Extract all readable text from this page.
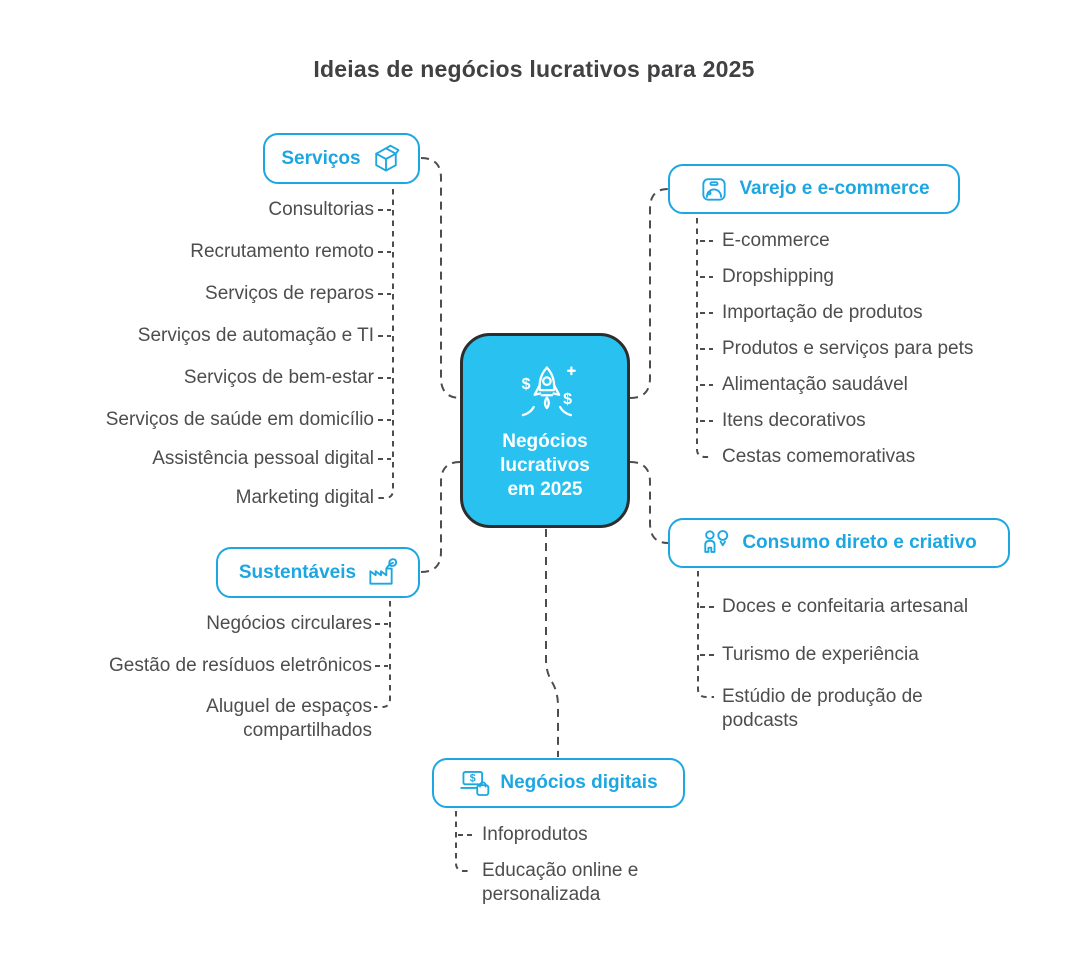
Ideias de negócios lucrativos para 2025
$
$
Negócios
lucrativos
em 2025
Serviços
Consultorias
Recrutamento remoto
Serviços de reparos
Serviços de automação e TI
Serviços de bem-estar
Serviços de saúde em domicílio
Assistência pessoal digital
Marketing digital
Varejo e e-commerce
E-commerce
Dropshipping
Importação de produtos
Produtos e serviços para pets
Alimentação saudável
Itens decorativos
Cestas comemorativas
Sustentáveis
Negócios circulares
Gestão de resíduos eletrônicos
Aluguel de espaços compartilhados
Consumo direto e criativo
Doces e confeitaria artesanal
Turismo de experiência
Estúdio de produção de podcasts
$ Negócios digitais
Infoprodutos
Educação online e personalizada
